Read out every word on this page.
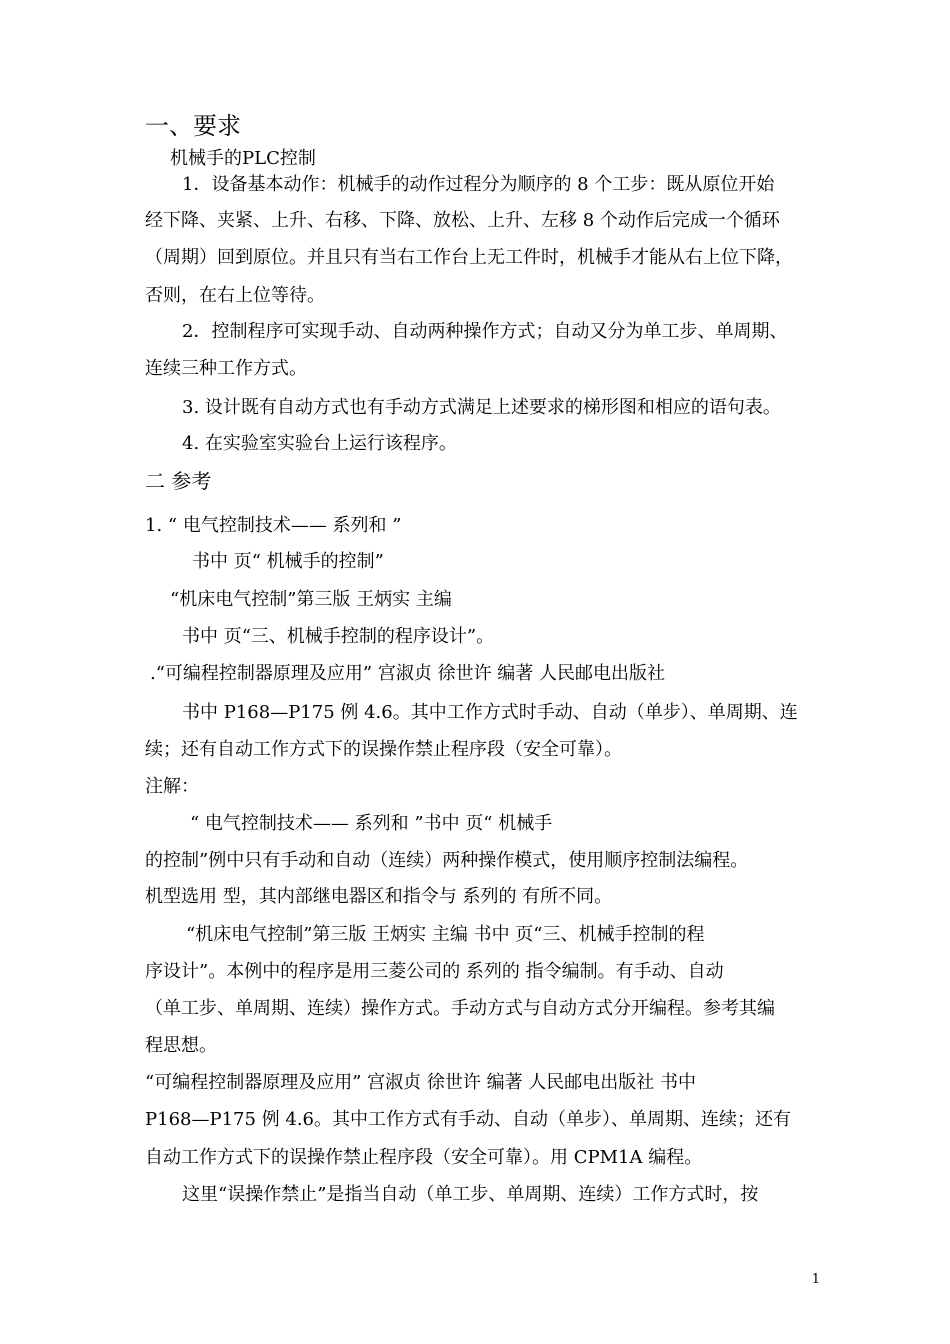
一、要求
机械手的PLC控制
1．设备基本动作：机械手的动作过程分为顺序的 8 个工步：既从原位开始
经下降、夹紧、上升、右移、下降、放松、上升、左移 8 个动作后完成一个循环
（周期）回到原位。并且只有当右工作台上无工件时，机械手才能从右上位下降，
否则，在右上位等待。
2．控制程序可实现手动、自动两种操作方式；自动又分为单工步、单周期、
连续三种工作方式。
3. 设计既有自动方式也有手动方式满足上述要求的梯形图和相应的语句表。
4. 在实验室实验台上运行该程序。
二 参考
1. “ 电气控制技术—— 系列和 ”
书中 页“ 机械手的控制”
“机床电气控制”第三版 王炳实 主编
书中 页“三、机械手控制的程序设计”。
.“可编程控制器原理及应用” 宫淑贞 徐世许 编著 人民邮电出版社
书中 P168—P175 例 4.6。其中工作方式时手动、自动（单步）、单周期、连
续；还有自动工作方式下的误操作禁止程序段（安全可靠）。
注解：
“ 电气控制技术—— 系列和 ”书中 页“ 机械手
的控制”例中只有手动和自动（连续）两种操作模式，使用顺序控制法编程。
机型选用 型，其内部继电器区和指令与 系列的 有所不同。
“机床电气控制”第三版 王炳实 主编 书中 页“三、机械手控制的程
序设计”。本例中的程序是用三菱公司的 系列的 指令编制。有手动、自动
（单工步、单周期、连续）操作方式。手动方式与自动方式分开编程。参考其编
程思想。
“可编程控制器原理及应用” 宫淑贞 徐世许 编著 人民邮电出版社 书中
P168—P175 例 4.6。其中工作方式有手动、自动（单步）、单周期、连续；还有
自动工作方式下的误操作禁止程序段（安全可靠）。用 CPM1A 编程。
这里“误操作禁止”是指当自动（单工步、单周期、连续）工作方式时，按
1
